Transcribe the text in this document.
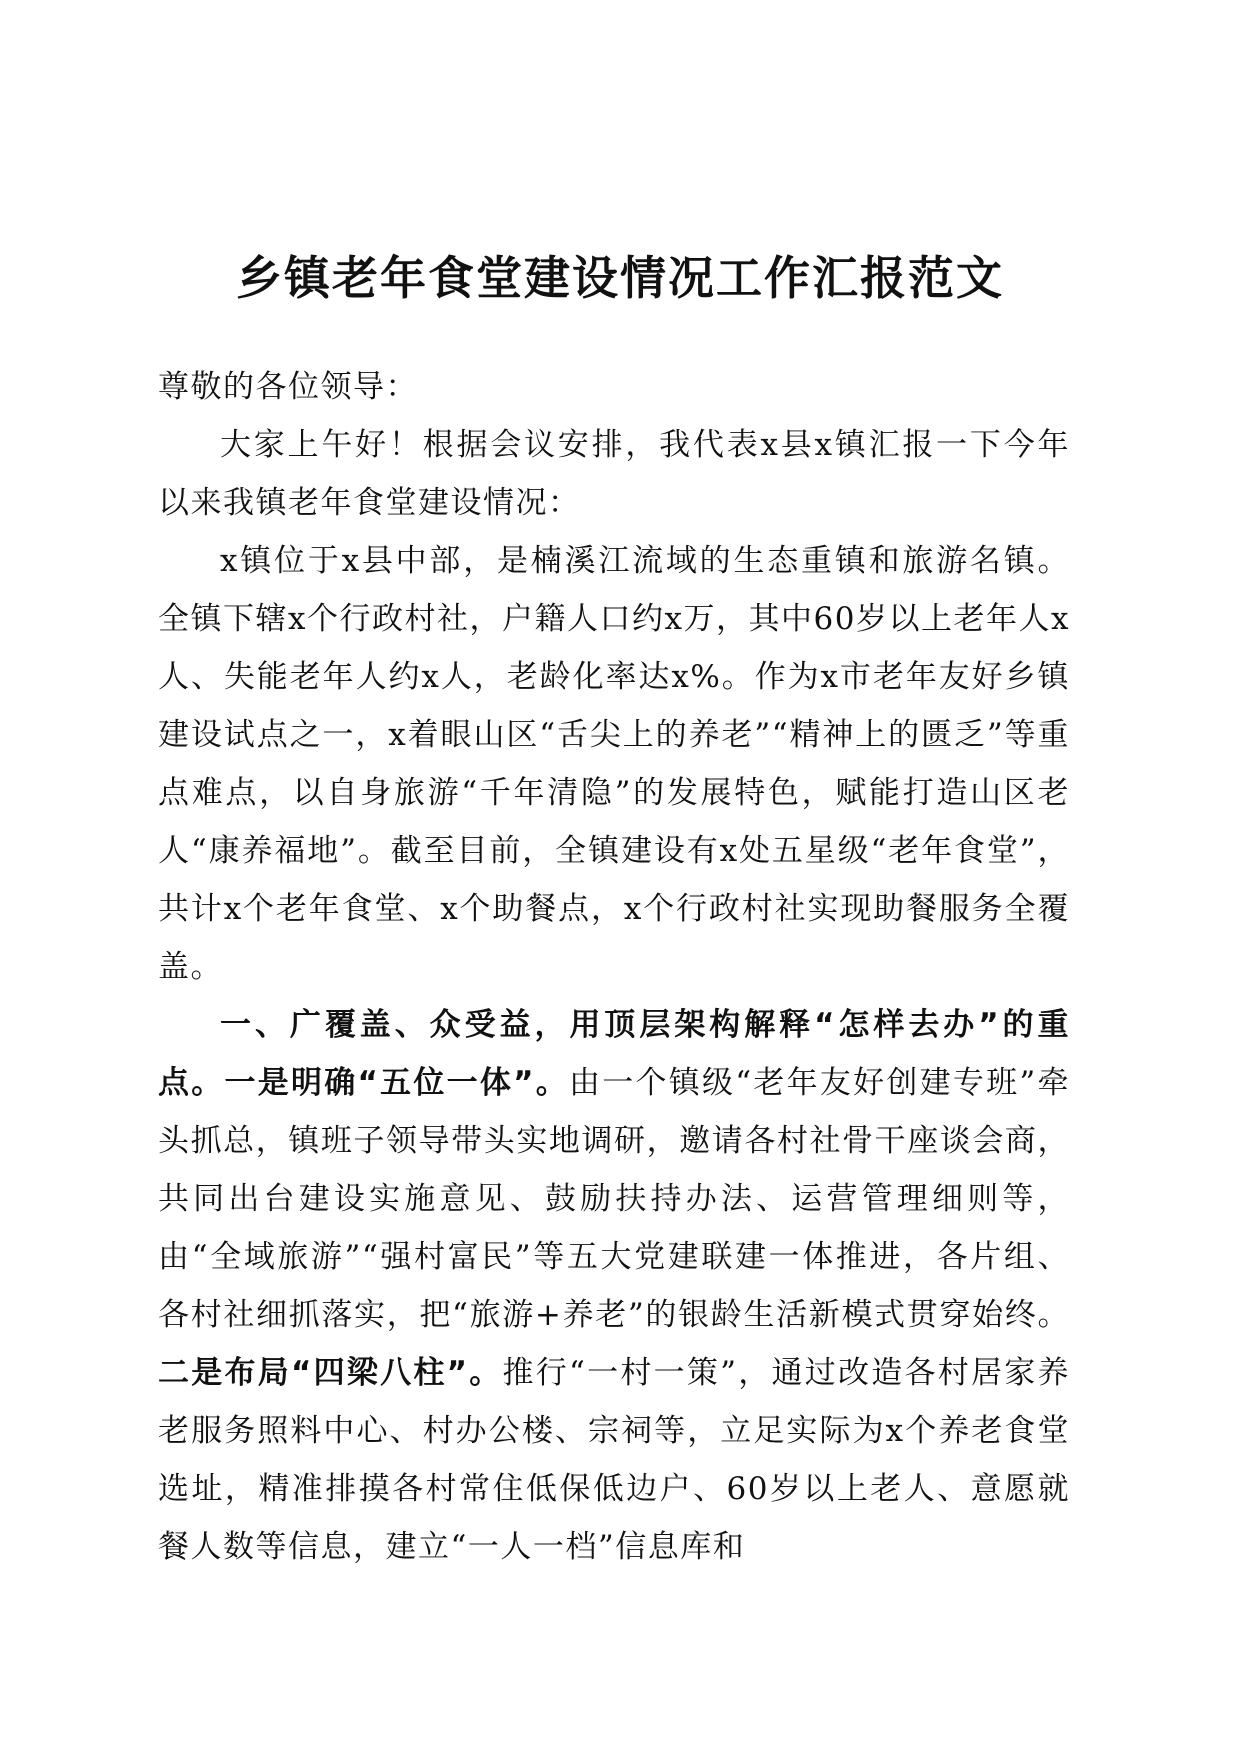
乡镇老年食堂建设情况工作汇报范文

尊敬的各位领导：

大家上午好！根据会议安排，我代表x县x镇汇报一下今年以来我镇老年食堂建设情况：

x镇位于x县中部，是楠溪江流域的生态重镇和旅游名镇。全镇下辖x个行政村社，户籍人口约x万，其中60岁以上老年人x人、失能老年人约x人，老龄化率达x%。作为x市老年友好乡镇建设试点之一，x着眼山区“舌尖上的养老”“精神上的匮乏”等重点难点，以自身旅游“千年清隐”的发展特色，赋能打造山区老人“康养福地”。截至目前，全镇建设有x处五星级“老年食堂”，共计x个老年食堂、x个助餐点，x个行政村社实现助餐服务全覆盖。

一、广覆盖、众受益，用顶层架构解释“怎样去办”的重点。一是明确“五位一体”。由一个镇级“老年友好创建专班”牵头抓总，镇班子领导带头实地调研，邀请各村社骨干座谈会商，共同出台建设实施意见、鼓励扶持办法、运营管理细则等，由“全域旅游”“强村富民”等五大党建联建一体推进，各片组、各村社细抓落实，把“旅游+养老”的银龄生活新模式贯穿始终。二是布局“四梁八柱”。推行“一村一策”，通过改造各村居家养老服务照料中心、村办公楼、宗祠等，立足实际为x个养老食堂选址，精准排摸各村常住低保低边户、60岁以上老人、意愿就餐人数等信息，建立“一人一档”信息库和
